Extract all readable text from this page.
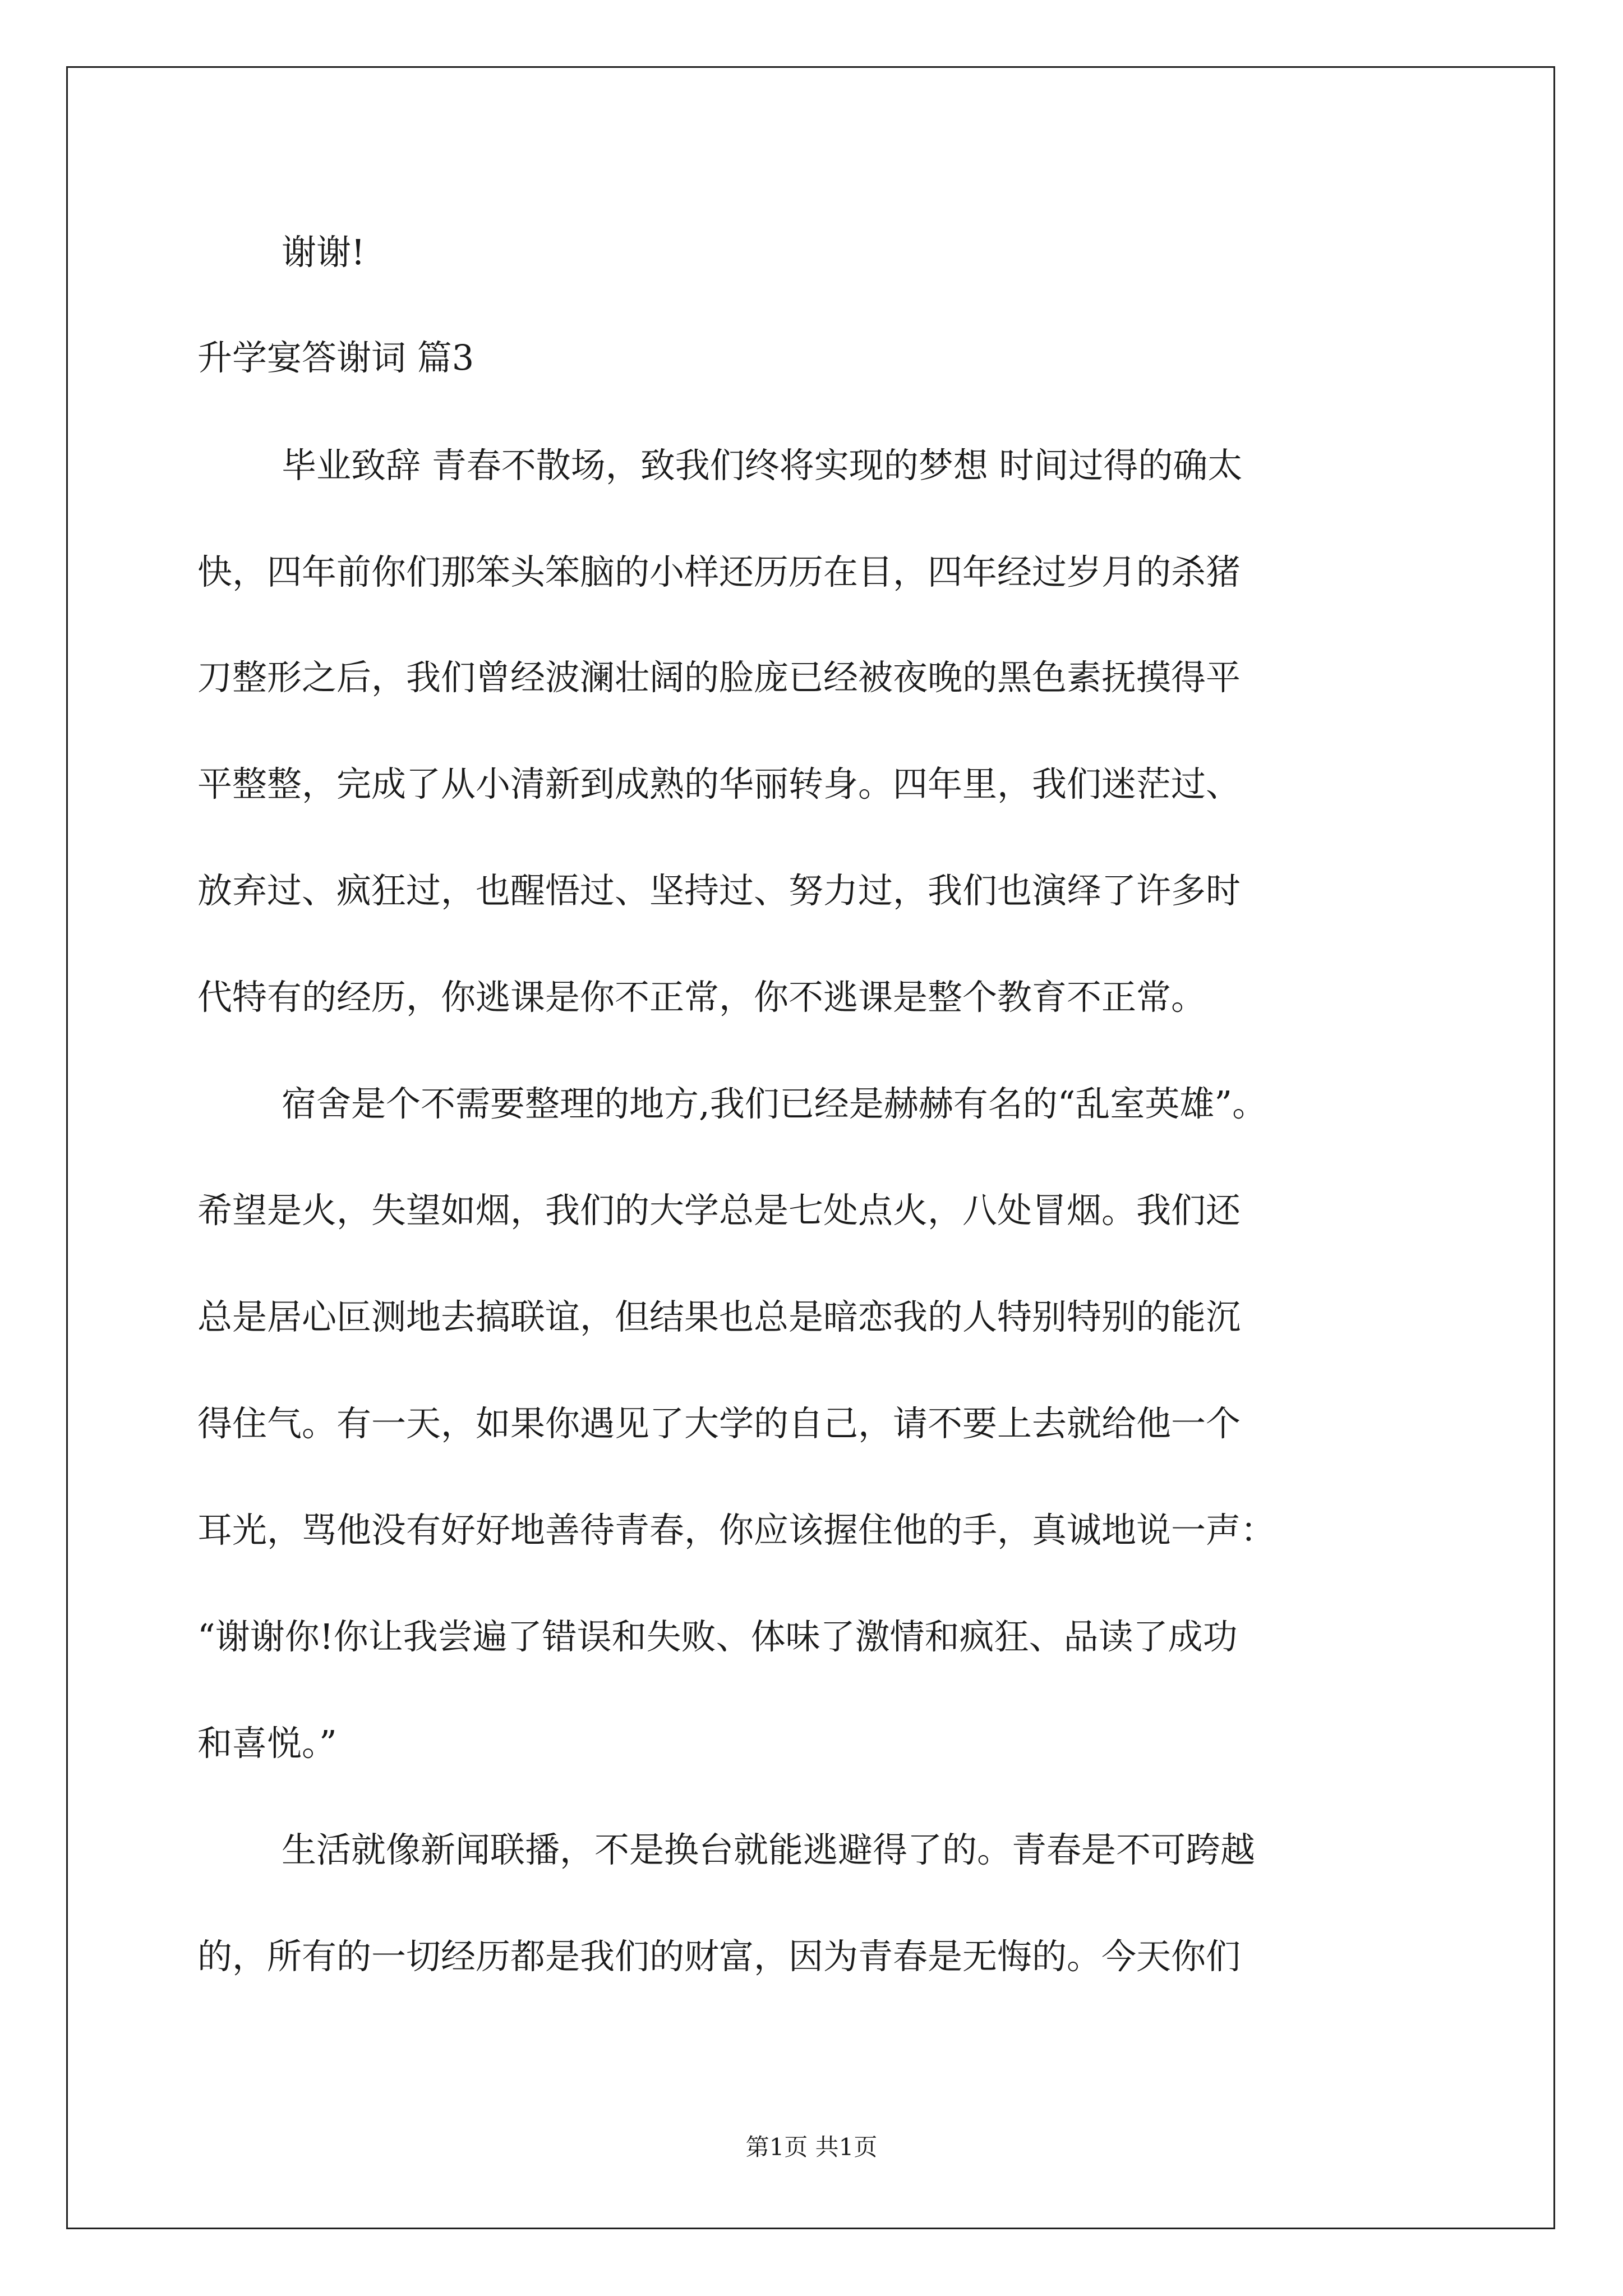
谢谢!
升学宴答谢词 篇3
毕业致辞 青春不散场，致我们终将实现的梦想 时间过得的确太
快，四年前你们那笨头笨脑的小样还历历在目，四年经过岁月的杀猪
刀整形之后，我们曾经波澜壮阔的脸庞已经被夜晚的黑色素抚摸得平
平整整，完成了从小清新到成熟的华丽转身。四年里，我们迷茫过、
放弃过、疯狂过，也醒悟过、坚持过、努力过，我们也演绎了许多时
代特有的经历，你逃课是你不正常，你不逃课是整个教育不正常。
宿舍是个不需要整理的地方,我们已经是赫赫有名的“乱室英雄”。
希望是火，失望如烟，我们的大学总是七处点火，八处冒烟。我们还
总是居心叵测地去搞联谊，但结果也总是暗恋我的人特别特别的能沉
得住气。有一天，如果你遇见了大学的自己，请不要上去就给他一个
耳光，骂他没有好好地善待青春，你应该握住他的手，真诚地说一声：
“谢谢你!你让我尝遍了错误和失败、体味了激情和疯狂、品读了成功
和喜悦。”
生活就像新闻联播，不是换台就能逃避得了的。青春是不可跨越
的，所有的一切经历都是我们的财富，因为青春是无悔的。今天你们
第1页 共1页
